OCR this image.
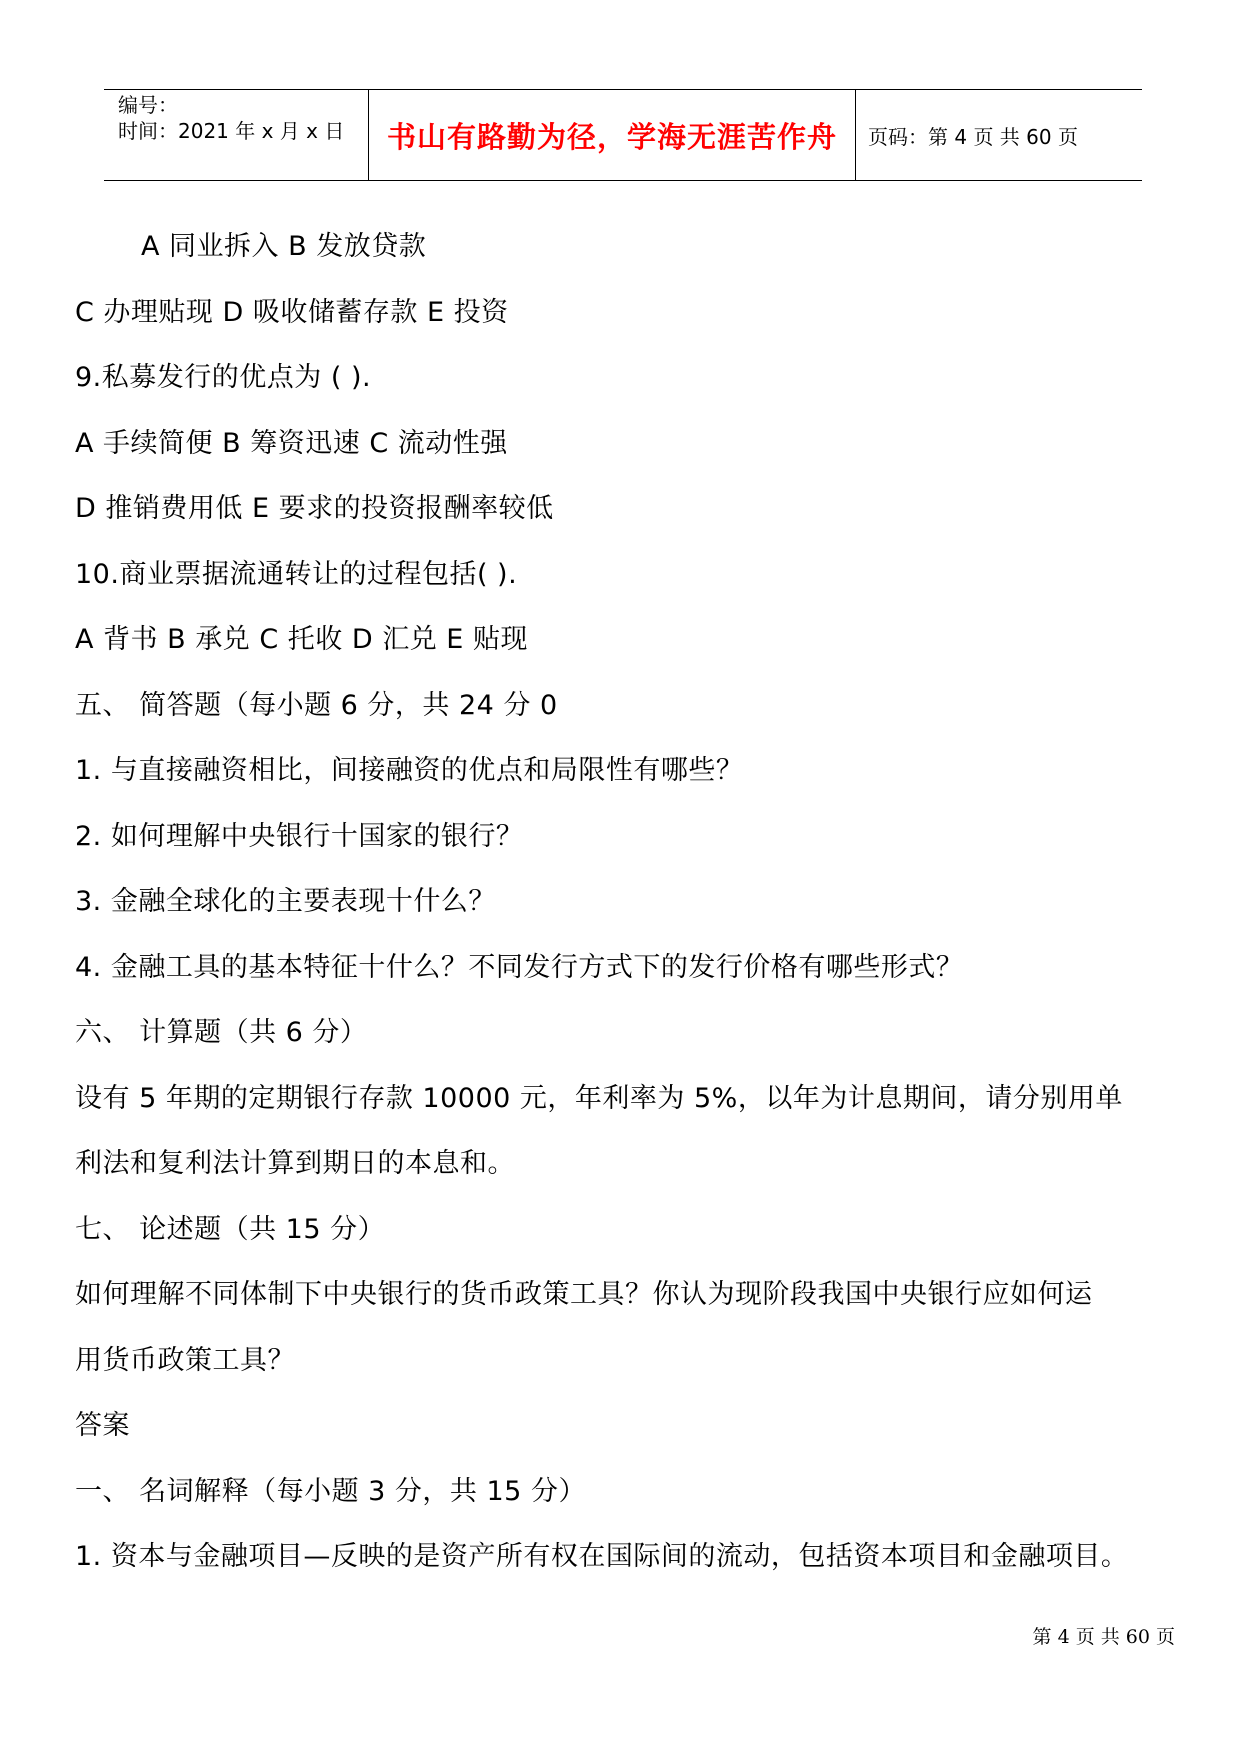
编号：
时间：2021 年 x 月 x 日 书山有路勤为径，学海无涯苦作舟 页码：第 4 页 共 60 页

A 同业拆入 B 发放贷款

C 办理贴现 D 吸收储蓄存款 E 投资

9.私募发行的优点为 ( ).

A 手续简便 B 筹资迅速 C 流动性强

D 推销费用低 E 要求的投资报酬率较低

10.商业票据流通转让的过程包括( ).

A 背书 B 承兑 C 托收 D 汇兑 E 贴现

五、 简答题（每小题 6 分，共 24 分 0

1. 与直接融资相比，间接融资的优点和局限性有哪些？

2. 如何理解中央银行十国家的银行？

3. 金融全球化的主要表现十什么？

4. 金融工具的基本特征十什么？不同发行方式下的发行价格有哪些形式？

六、 计算题（共 6 分）

设有 5 年期的定期银行存款 10000 元，年利率为 5%，以年为计息期间，请分别用单

利法和复利法计算到期日的本息和。

七、 论述题（共 15 分）

如何理解不同体制下中央银行的货币政策工具？你认为现阶段我国中央银行应如何运

用货币政策工具？

答案

一、 名词解释（每小题 3 分，共 15 分）

1. 资本与金融项目—反映的是资产所有权在国际间的流动，包括资本项目和金融项目。

第 4 页 共 60 页
